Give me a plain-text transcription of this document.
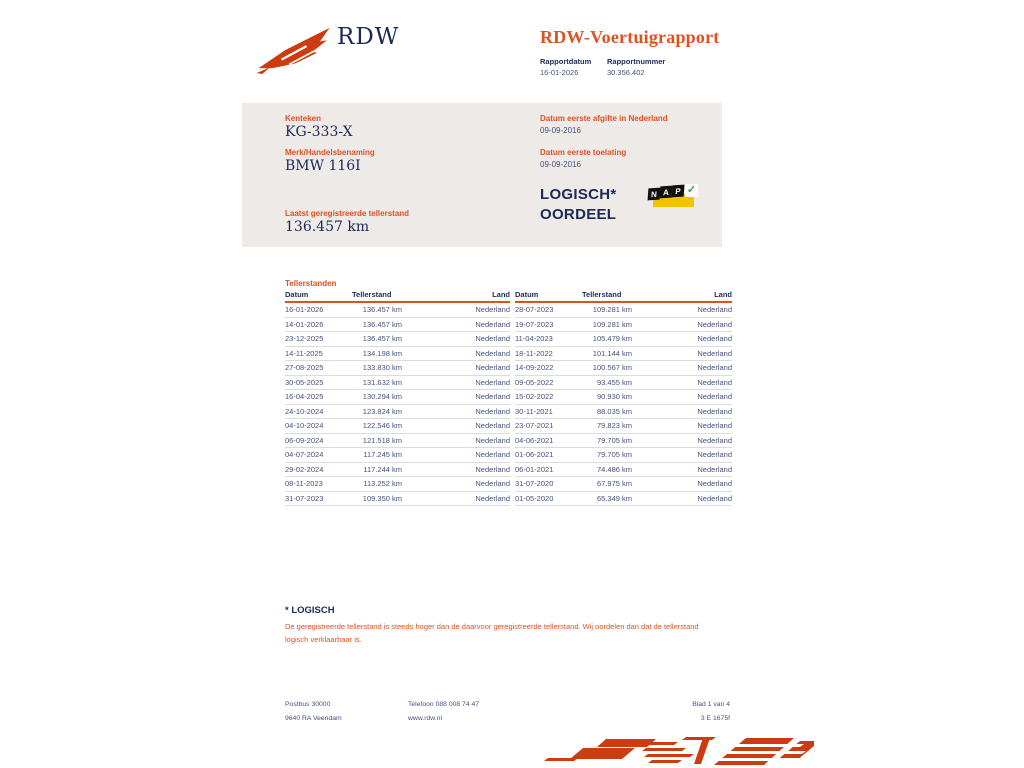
RDW	RDW-Voertuigrapport
Rapportdatum Rapportnummer
16-01-2026	30.356.402
Kenteken
KG-333-X
Merk/Handelsbenaming
BMW 116I
Laatst geregistreerde tellerstand
136.457 km
Datum eerste afgifte in Nederland
09-09-2016
Datum eerste toelating
09-09-2016
LOGISCH*
OORDEEL
N A P ✓
Tellerstanden
Datum	Tellerstand	Land
16-01-2026	136.457 km	Nederland
14-01-2026	136.457 km	Nederland
23-12-2025	136.457 km	Nederland
14-11-2025	134.198 km	Nederland
27-08-2025	133.830 km	Nederland
30-05-2025	131.632 km	Nederland
16-04-2025	130.294 km	Nederland
24-10-2024	123.824 km	Nederland
04-10-2024	122.546 km	Nederland
06-09-2024	121.518 km	Nederland
04-07-2024	117.245 km	Nederland
29-02-2024	117.244 km	Nederland
08-11-2023	113.252 km	Nederland
31-07-2023	109.350 km	Nederland
Datum	Tellerstand	Land
28-07-2023	109.281 km	Nederland
19-07-2023	109.281 km	Nederland
11-04-2023	105.479 km	Nederland
18-11-2022	101.144 km	Nederland
14-09-2022	100.567 km	Nederland
09-05-2022	93.455 km	Nederland
15-02-2022	90.930 km	Nederland
30-11-2021	88.035 km	Nederland
23-07-2021	79.823 km	Nederland
04-06-2021	79.705 km	Nederland
01-06-2021	79.705 km	Nederland
06-01-2021	74.486 km	Nederland
31-07-2020	67.975 km	Nederland
01-05-2020	65.349 km	Nederland
* LOGISCH
De geregistreerde tellerstand is steeds hoger dan de daarvoor geregistreerde tellerstand. Wij oordelen dan dat de tellerstand logisch verklaarbaar is.
Postbus 30000
9640 RA Veendam
Telefoon 088 008 74 47
www.rdw.nl
Blad 1 van 4
3 E 1675f
